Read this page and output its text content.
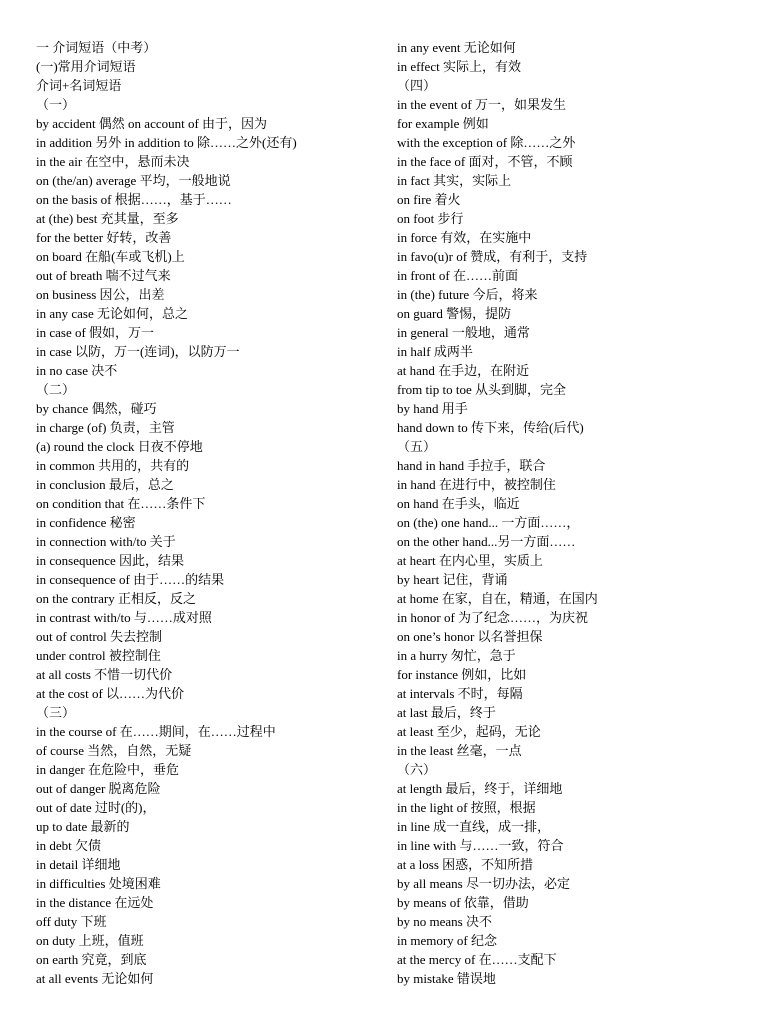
一 介词短语（中考）
(一)常用介词短语
介词+名词短语
（一）
by accident 偶然 on account of 由于，因为
in addition 另外 in addition to 除……之外(还有)
in the air 在空中，悬而未决
on (the/an) average 平均，一般地说
on the basis of 根据……，基于……
at (the) best 充其量，至多
for the better 好转，改善
on board 在船(车或飞机)上
out of breath 喘不过气来
on business 因公，出差
in any case 无论如何，总之
in case of 假如，万一
in case 以防，万一(连词)，以防万一
in no case 决不
（二）
by chance 偶然，碰巧
in charge (of) 负责，主管
(a) round the clock 日夜不停地
in common 共用的，共有的
in conclusion 最后，总之
on condition that 在……条件下
in confidence 秘密
in connection with/to 关于
in consequence 因此，结果
in consequence of 由于……的结果
on the contrary 正相反，反之
in contrast with/to 与……成对照
out of control 失去控制
under control 被控制住
at all costs 不惜一切代价
at the cost of 以……为代价
（三）
in the course of 在……期间，在……过程中
of course 当然，自然，无疑
in danger 在危险中，垂危
out of danger 脱离危险
out of date 过时(的)，
up to date 最新的
in debt 欠债
in detail 详细地
in difficulties 处境困难
in the distance 在远处
off duty 下班
on duty 上班，值班
on earth 究竟，到底
at all events 无论如何
in any event 无论如何
in effect 实际上，有效
（四）
in the event of 万一，如果发生
for example 例如
with the exception of 除……之外
in the face of 面对，不管，不顾
in fact 其实，实际上
on fire 着火
on foot 步行
in force 有效，在实施中
in favo(u)r of 赞成，有利于，支持
in front of 在……前面
in (the) future 今后，将来
on guard 警惕，提防
in general 一般地，通常
in half 成两半
at hand 在手边，在附近
from tip to toe 从头到脚，完全
by hand 用手
hand down to 传下来，传给(后代)
（五）
hand in hand 手拉手，联合
in hand 在进行中，被控制住
on hand 在手头，临近
on (the) one hand... 一方面……，
on the other hand...另一方面……
at heart 在内心里，实质上
by heart 记住，背诵
at home 在家，自在，精通，在国内
in honor of 为了纪念……，为庆祝
on one’s honor 以名誉担保
in a hurry 匆忙，急于
for instance 例如，比如
at intervals 不时，每隔
at last 最后，终于
at least 至少，起码，无论
in the least 丝毫，一点
（六）
at length 最后，终于，详细地
in the light of 按照，根据
in line 成一直线，成一排，
in line with 与……一致，符合
at a loss 困惑，不知所措
by all means 尽一切办法，必定
by means of 依靠，借助
by no means 决不
in memory of 纪念
at the mercy of 在……支配下
by mistake 错误地
